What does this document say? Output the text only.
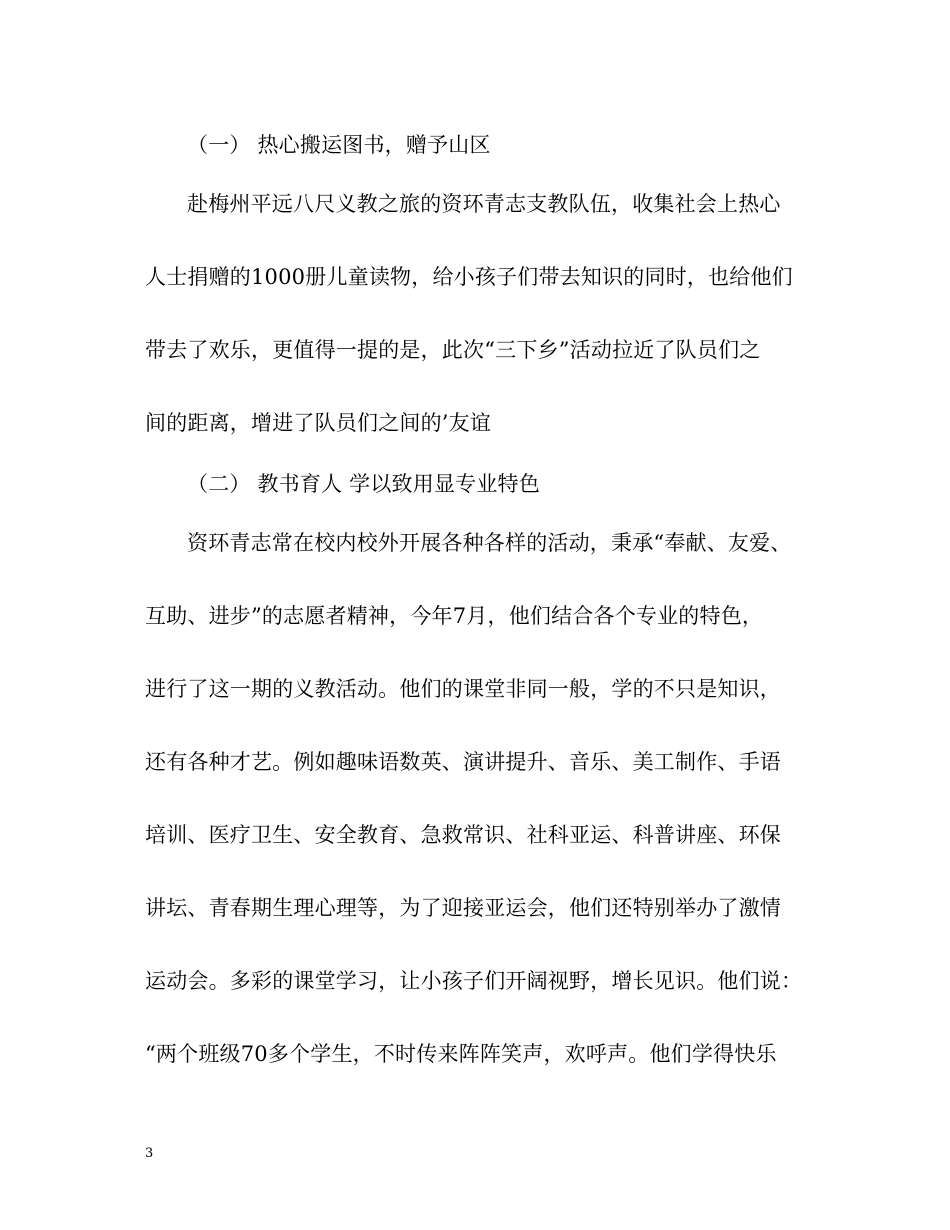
（一） 热心搬运图书，赠予山区
赴梅州平远八尺义教之旅的资环青志支教队伍，收集社会上热心
人士捐赠的1000册儿童读物，给小孩子们带去知识的同时，也给他们
带去了欢乐，更值得一提的是，此次“三下乡”活动拉近了队员们之
间的距离，增进了队员们之间的’友谊
（二） 教书育人 学以致用显专业特色
资环青志常在校内校外开展各种各样的活动，秉承“奉献、友爱、
互助、进步”的志愿者精神，今年7月，他们结合各个专业的特色，
进行了这一期的义教活动。他们的课堂非同一般，学的不只是知识，
还有各种才艺。例如趣味语数英、演讲提升、音乐、美工制作、手语
培训、医疗卫生、安全教育、急救常识、社科亚运、科普讲座、环保
讲坛、青春期生理心理等，为了迎接亚运会，他们还特别举办了激情
运动会。多彩的课堂学习，让小孩子们开阔视野，增长见识。他们说：
“两个班级70多个学生，不时传来阵阵笑声，欢呼声。他们学得快乐
3
